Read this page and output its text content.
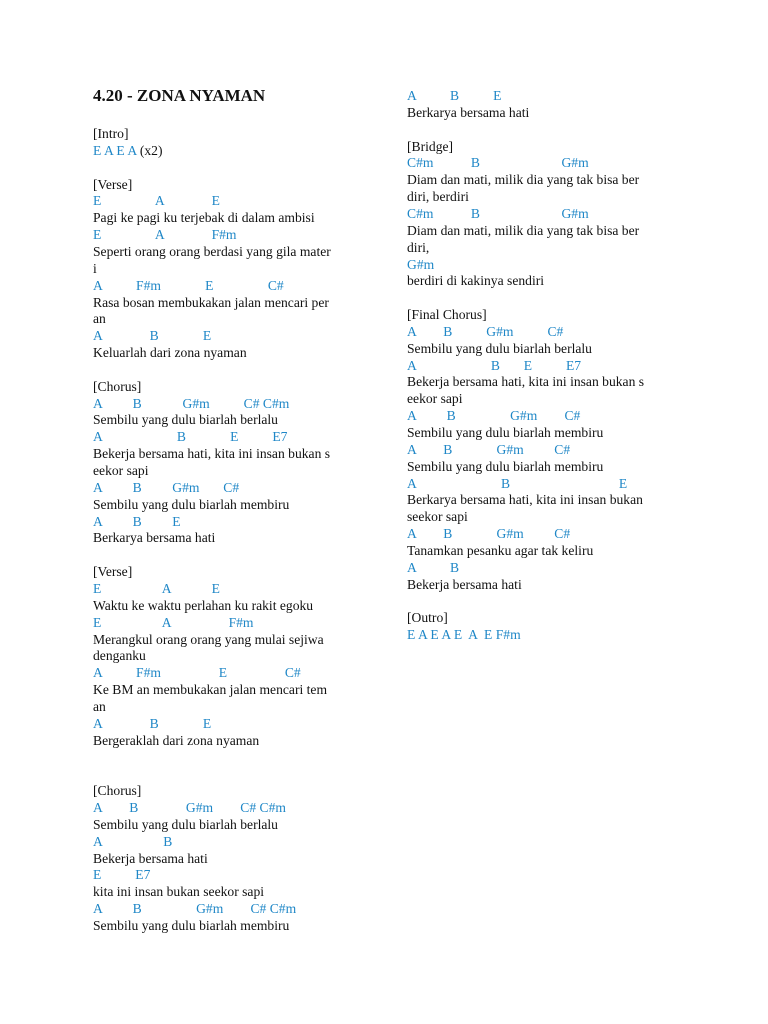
4.20 - ZONA NYAMAN
[Intro]
E A E A (x2)
[Verse]
E                A              E
Pagi ke pagi ku terjebak di dalam ambisi
E                A              F#m
Seperti orang orang berdasi yang gila mater
i
A          F#m             E                C#
Rasa bosan membukakan jalan mencari per
an
A              B             E
Keluarlah dari zona nyaman
[Chorus]
A         B            G#m          C# C#m
Sembilu yang dulu biarlah berlalu
A                      B             E          E7
Bekerja bersama hati, kita ini insan bukan s
eekor sapi
A         B         G#m       C#
Sembilu yang dulu biarlah membiru
A         B         E
Berkarya bersama hati
[Verse]
E                  A            E
Waktu ke waktu perlahan ku rakit egoku
E                  A                 F#m
Merangkul orang orang yang mulai sejiwa
denganku
A          F#m                 E                 C#
Ke BM an membukakan jalan mencari tem
an
A              B             E
Bergeraklah dari zona nyaman
[Chorus]
A        B              G#m        C# C#m
Sembilu yang dulu biarlah berlalu
A                  B
Bekerja bersama hati
E          E7
kita ini insan bukan seekor sapi
A         B                G#m        C# C#m
Sembilu yang dulu biarlah membiru
A          B          E
Berkarya bersama hati
[Bridge]
C#m           B                        G#m
Diam dan mati, milik dia yang tak bisa ber
diri, berdiri
C#m           B                        G#m
Diam dan mati, milik dia yang tak bisa ber
diri,
G#m
berdiri di kakinya sendiri
[Final Chorus]
A        B          G#m          C#
Sembilu yang dulu biarlah berlalu
A                      B       E          E7
Bekerja bersama hati, kita ini insan bukan s
eekor sapi
A         B                G#m        C#
Sembilu yang dulu biarlah membiru
A        B             G#m         C#
Sembilu yang dulu biarlah membiru
A                         B                                E
Berkarya bersama hati, kita ini insan bukan
seekor sapi
A        B             G#m         C#
Tanamkan pesanku agar tak keliru
A          B
Bekerja bersama hati
[Outro]
E A E A E  A  E F#m
